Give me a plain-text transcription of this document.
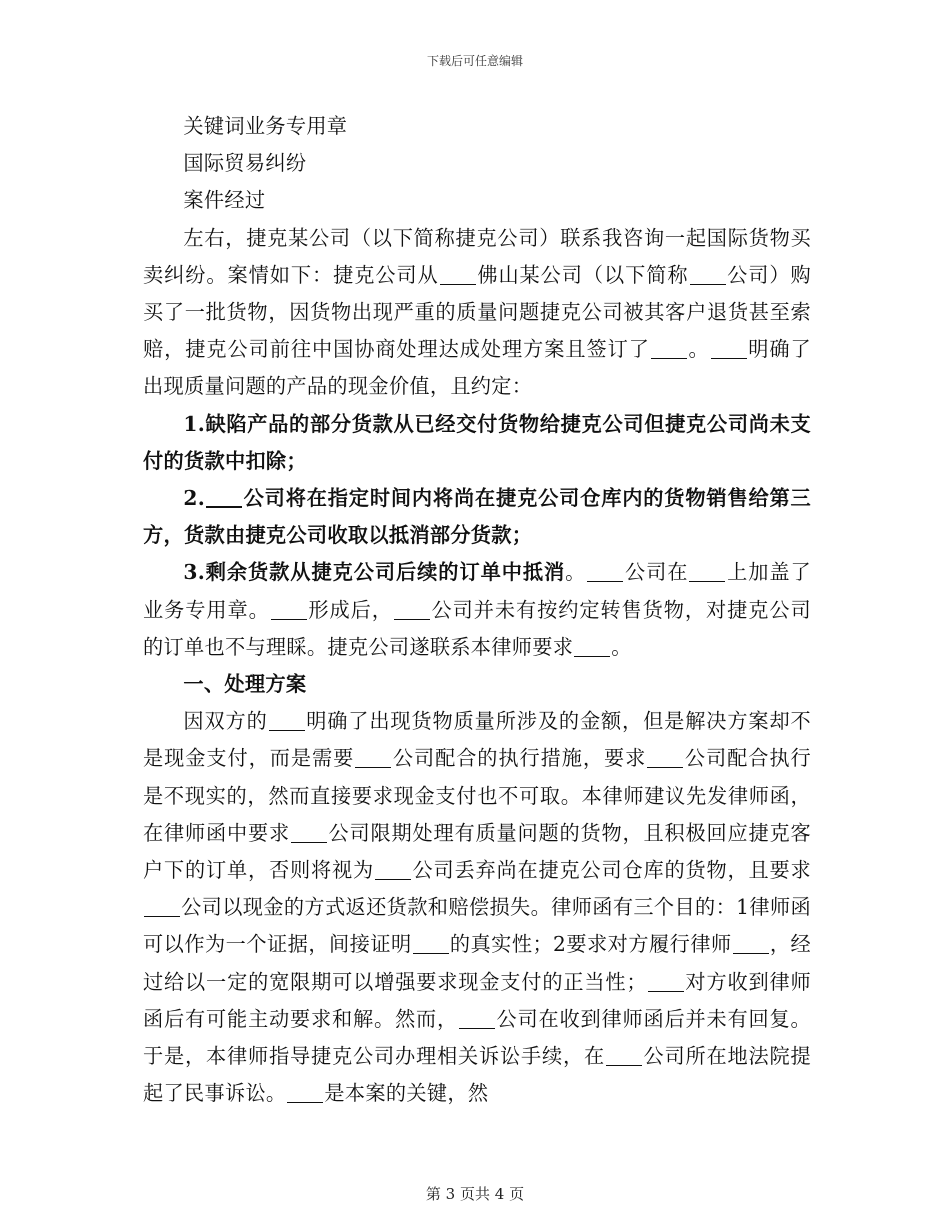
下载后可任意编辑

关键词业务专用章

国际贸易纠纷

案件经过

左右，捷克某公司（以下简称捷克公司）联系我咨询一起国际货物买卖纠纷。案情如下：捷克公司从 佛山某公司（以下简称 公司）购买了一批货物，因货物出现严重的质量问题捷克公司被其客户退货甚至索赔，捷克公司前往中国协商处理达成处理方案且签订了 。 明确了出现质量问题的产品的现金价值，且约定：

1.缺陷产品的部分货款从已经交付货物给捷克公司但捷克公司尚未支付的货款中扣除；

2. 公司将在指定时间内将尚在捷克公司仓库内的货物销售给第三方，货款由捷克公司收取以抵消部分货款；

3.剩余货款从捷克公司后续的订单中抵消。 公司在 上加盖了业务专用章。 形成后， 公司并未有按约定转售货物，对捷克公司的订单也不与理睬。捷克公司遂联系本律师要求 。

一、处理方案

因双方的 明确了出现货物质量所涉及的金额，但是解决方案却不是现金支付，而是需要 公司配合的执行措施，要求 公司配合执行是不现实的，然而直接要求现金支付也不可取。本律师建议先发律师函，在律师函中要求 公司限期处理有质量问题的货物，且积极回应捷克客户下的订单，否则将视为 公司丢弃尚在捷克公司仓库的货物，且要求公司以现金的方式返还货款和赔偿损失。律师函有三个目的：1律师函可以作为一个证据，间接证明 的真实性；2要求对方履行律师 ，经过给以一定的宽限期可以增强要求现金支付的正当性； 对方收到律师函后有可能主动要求和解。然而， 公司在收到律师函后并未有回复。于是，本律师指导捷克公司办理相关诉讼手续，在 公司所在地法院提起了民事诉讼。 是本案的关键，然

第 3 页共 4 页
